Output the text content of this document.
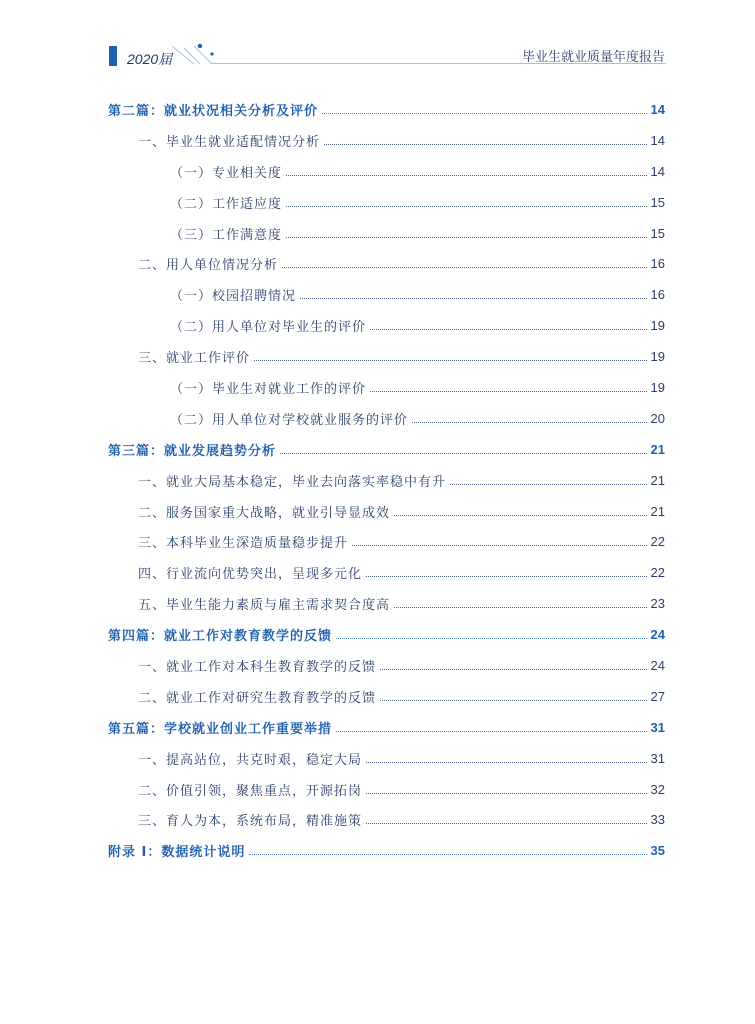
2020届	毕业生就业质量年度报告
第二篇：就业状况相关分析及评价	14
一、毕业生就业适配情况分析	14
（一）专业相关度	14
（二）工作适应度	15
（三）工作满意度	15
二、用人单位情况分析	16
（一）校园招聘情况	16
（二）用人单位对毕业生的评价	19
三、就业工作评价	19
（一）毕业生对就业工作的评价	19
（二）用人单位对学校就业服务的评价	20
第三篇：就业发展趋势分析	21
一、就业大局基本稳定，毕业去向落实率稳中有升	21
二、服务国家重大战略，就业引导显成效	21
三、本科毕业生深造质量稳步提升	22
四、行业流向优势突出，呈现多元化	22
五、毕业生能力素质与雇主需求契合度高	23
第四篇：就业工作对教育教学的反馈	24
一、就业工作对本科生教育教学的反馈	24
二、就业工作对研究生教育教学的反馈	27
第五篇：学校就业创业工作重要举措	31
一、提高站位，共克时艰，稳定大局	31
二、价值引领，聚焦重点，开源拓岗	32
三、育人为本，系统布局，精准施策	33
附录 I：数据统计说明	35
